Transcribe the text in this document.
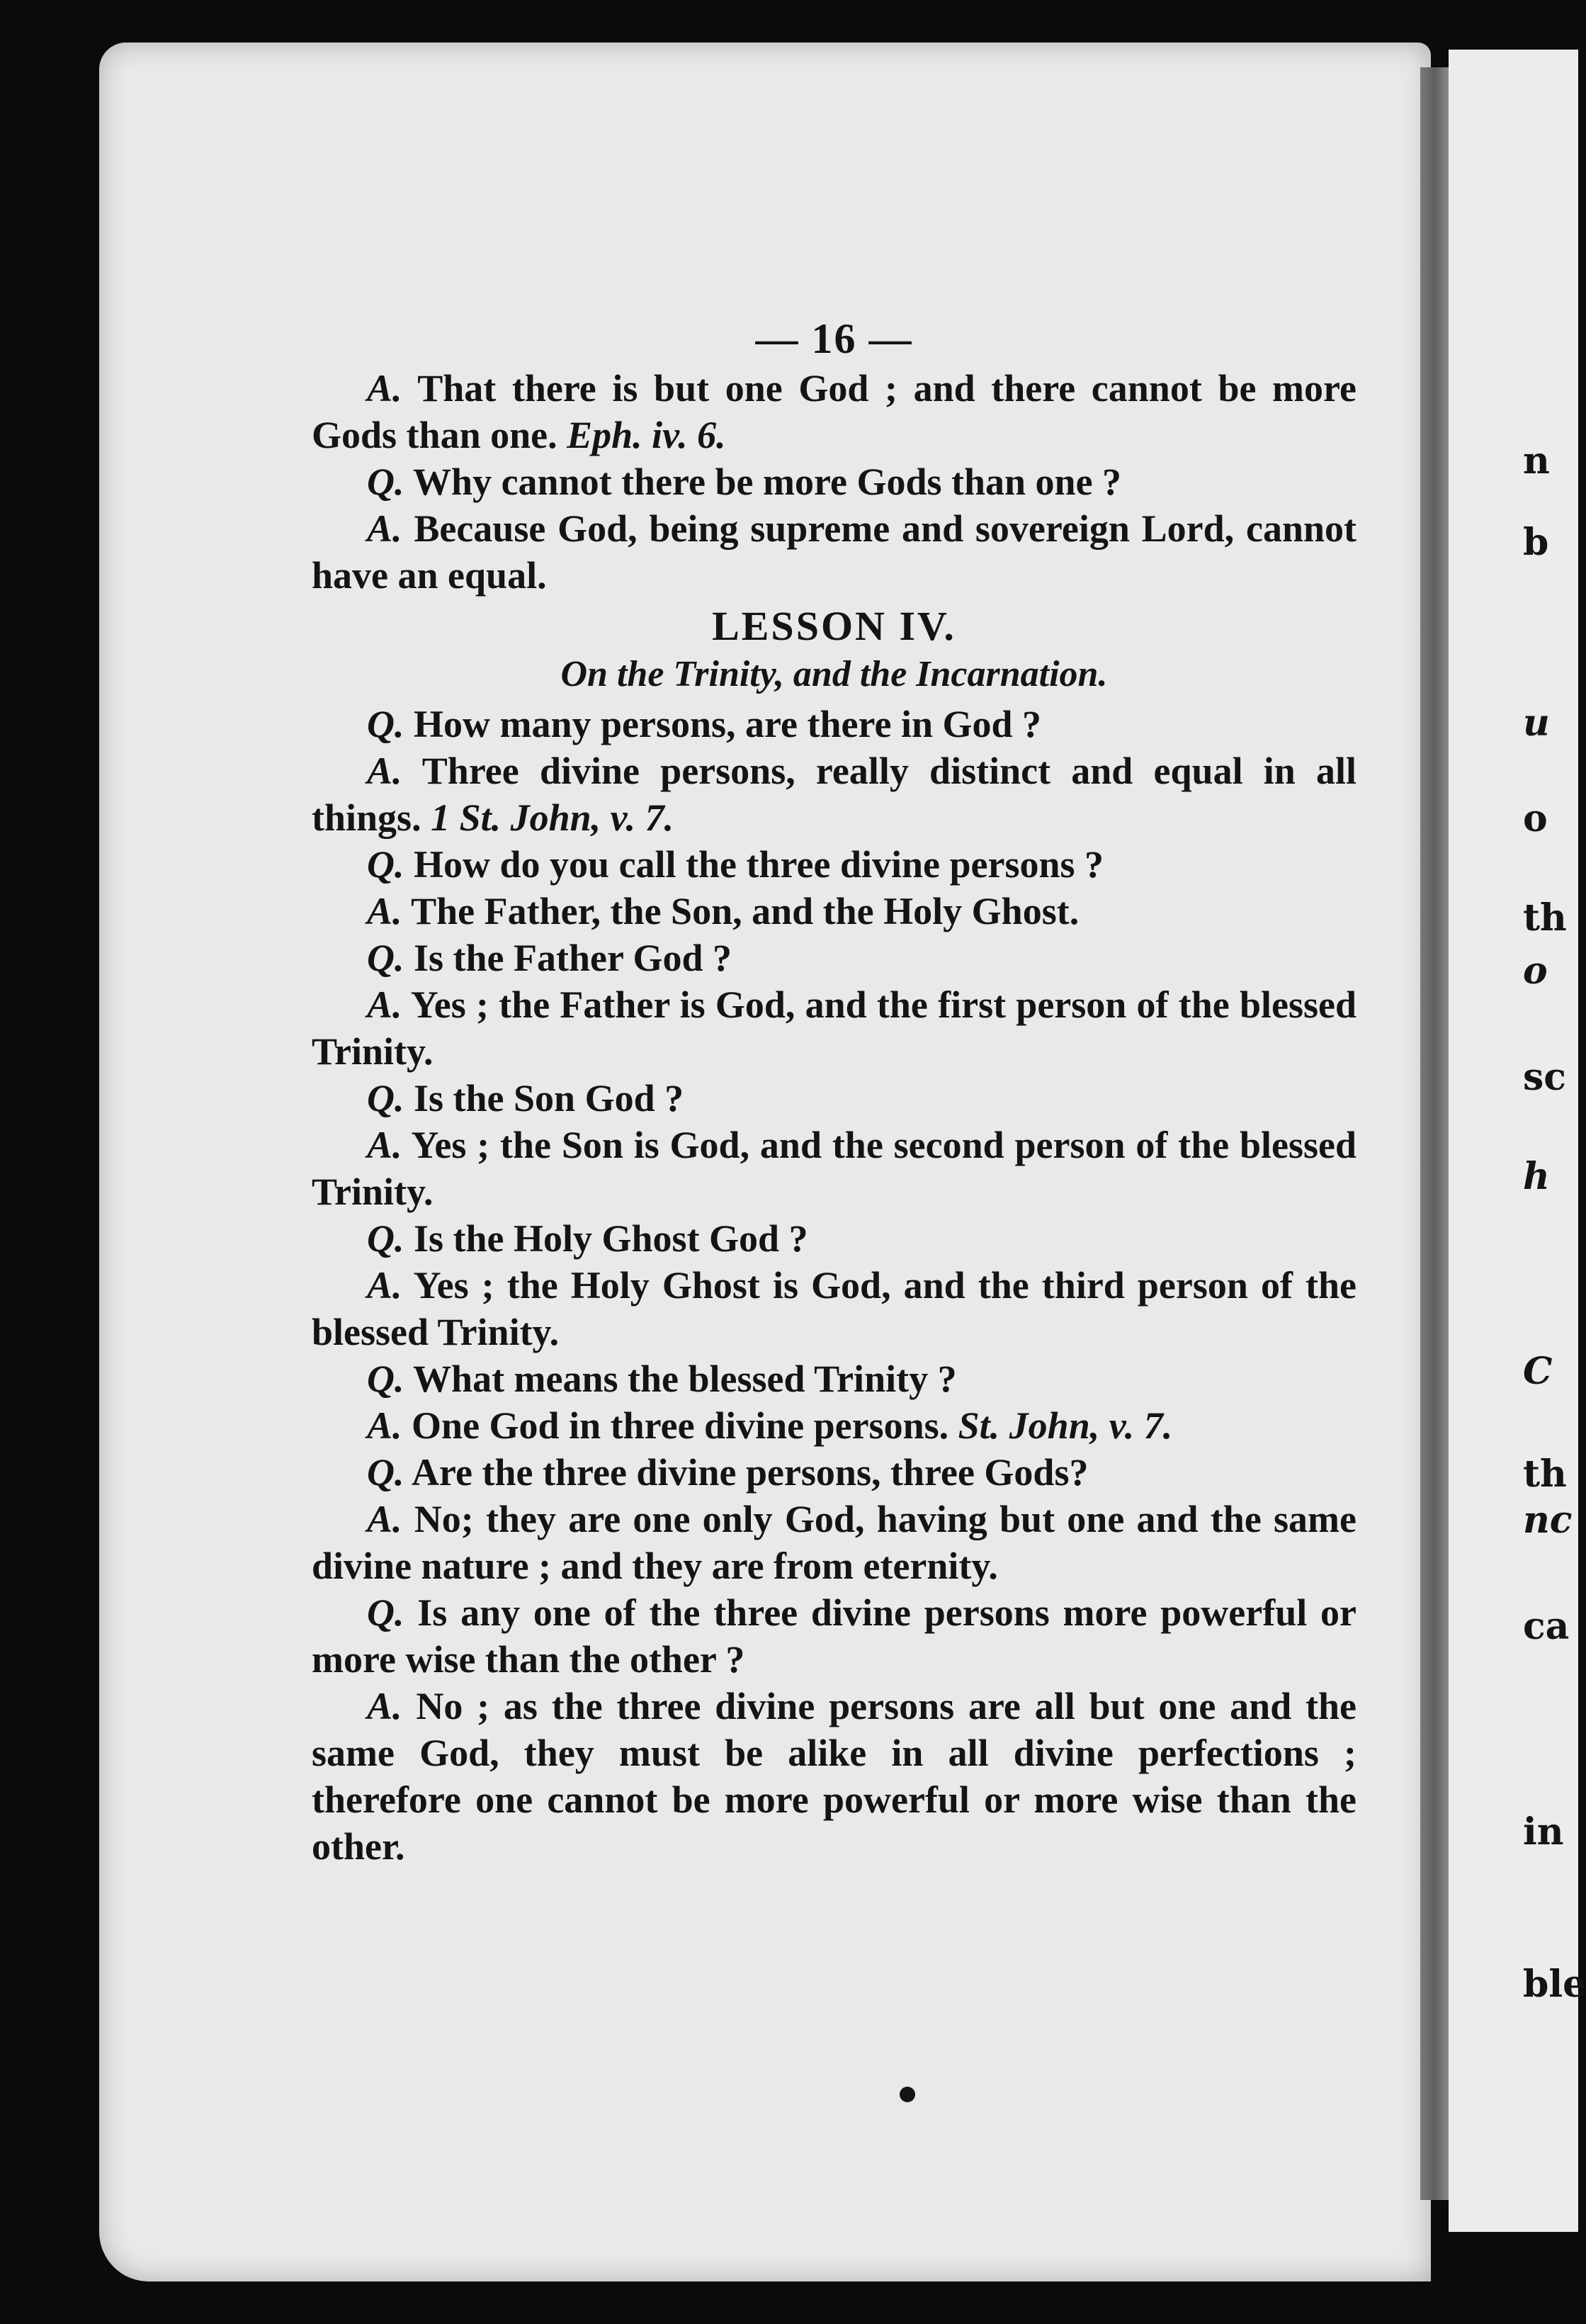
n
b
u
o
th
o
sc
h
C
th
nc
ca
in
ble
— 16 —

A. That there is but one God ; and there cannot be more Gods than one. Eph. iv. 6.

Q. Why cannot there be more Gods than one ?

A. Because God, being supreme and sovereign Lord, cannot have an equal.

LESSON IV.
On the Trinity, and the Incarnation.

Q. How many persons, are there in God ?

A. Three divine persons, really distinct and equal in all things. 1 St. John, v. 7.

Q. How do you call the three divine persons ?

A. The Father, the Son, and the Holy Ghost.

Q. Is the Father God ?

A. Yes ; the Father is God, and the first person of the blessed Trinity.

Q. Is the Son God ?

A. Yes ; the Son is God, and the second person of the blessed Trinity.

Q. Is the Holy Ghost God ?

A. Yes ; the Holy Ghost is God, and the third person of the blessed Trinity.

Q. What means the blessed Trinity ?

A. One God in three divine persons. St. John, v. 7.

Q. Are the three divine persons, three Gods?

A. No; they are one only God, having but one and the same divine nature ; and they are from eternity.

Q. Is any one of the three divine persons more powerful or more wise than the other ?

A. No ; as the three divine persons are all but one and the same God, they must be alike in all divine perfections ; therefore one cannot be more powerful or more wise than the other.
